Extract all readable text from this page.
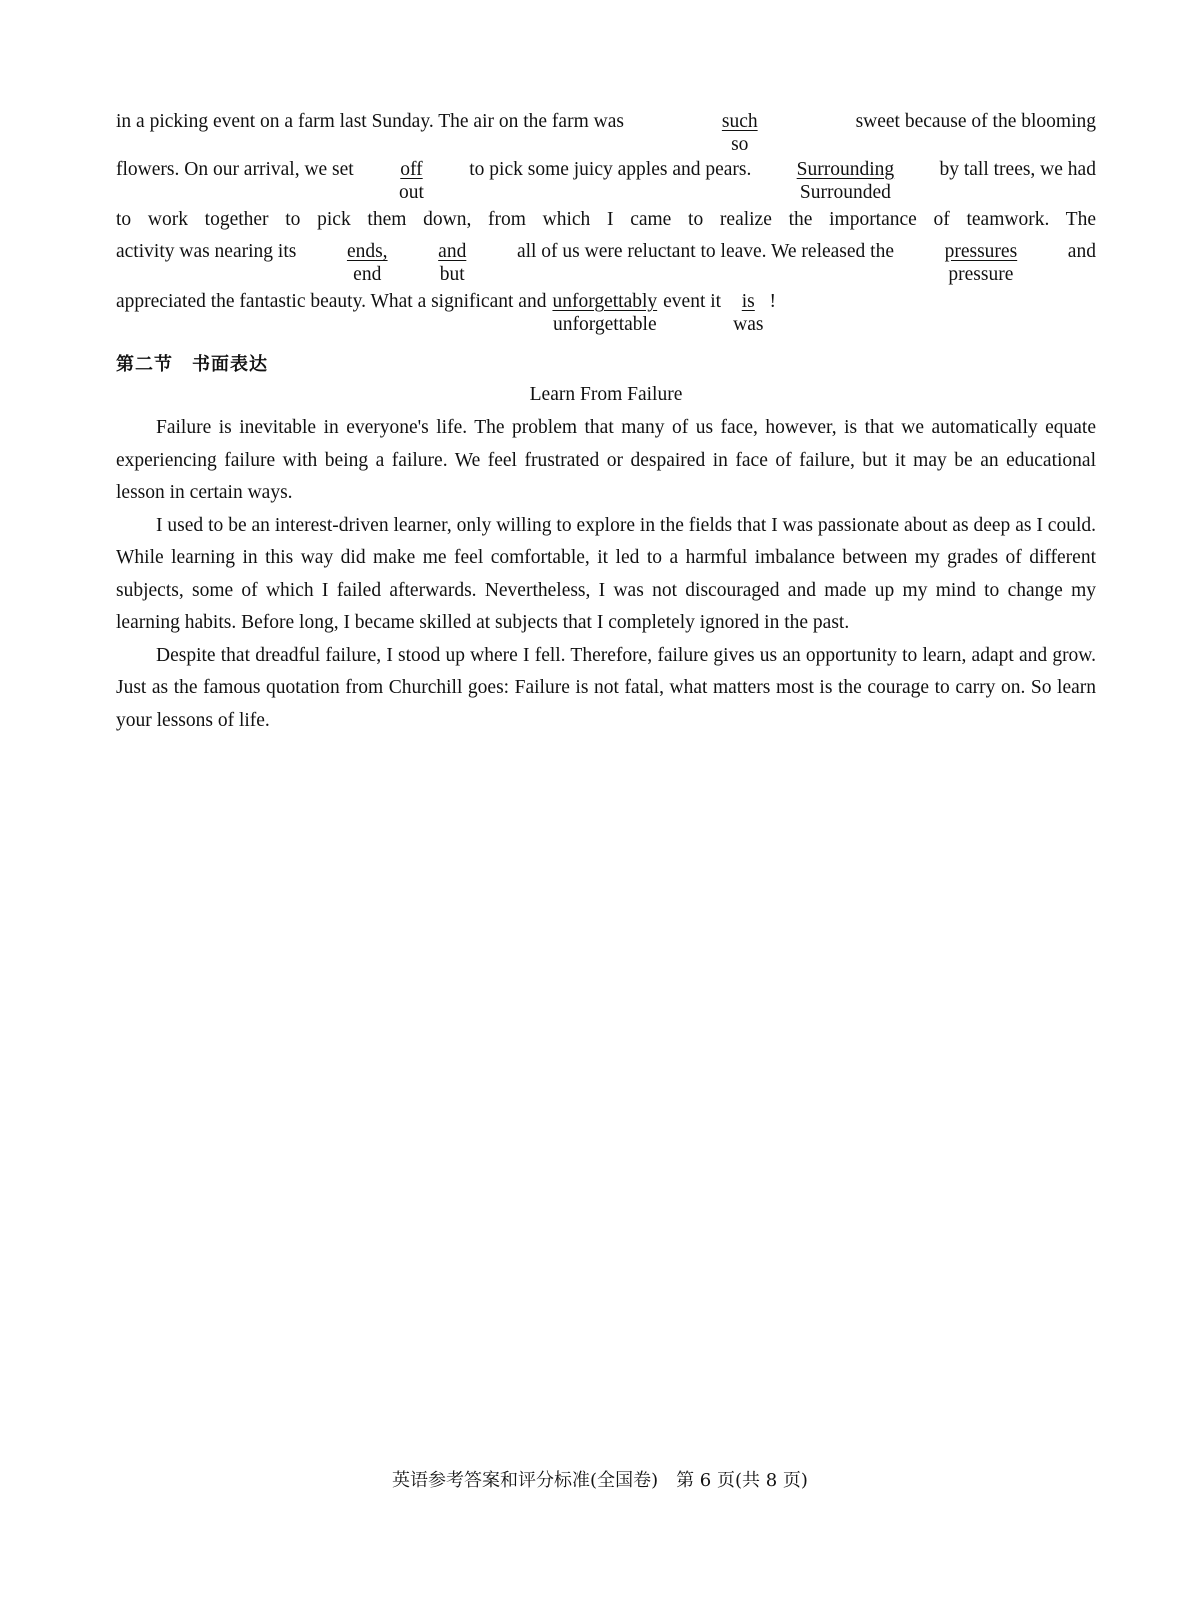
in a picking event on a farm last Sunday. The air on the farm was	such
so
sweet because of the blooming
flowers. On our arrival, we set off
out
to pick some juicy apples and pears. Surrounding
Surrounded
by tall trees, we had
to work together to pick them down, from which I came to realize the importance of teamwork. The
activity was nearing its	ends,
end
and
but
all of us were reluctant to leave. We released the	pressures
pressure
and
appreciated the fantastic beauty. What a significant and unforgettably
unforgettable
event it is
was
!
第二节　书面表达
Learn From Failure

Failure is inevitable in everyone's life. The problem that many of us face, however, is that we automatically equate experiencing failure with being a failure. We feel frustrated or despaired in face of failure, but it may be an educational lesson in certain ways.

I used to be an interest-driven learner, only willing to explore in the fields that I was passionate about as deep as I could. While learning in this way did make me feel comfortable, it led to a harmful imbalance between my grades of different subjects, some of which I failed afterwards. Nevertheless, I was not discouraged and made up my mind to change my learning habits. Before long, I became skilled at subjects that I completely ignored in the past.

Despite that dreadful failure, I stood up where I fell. Therefore, failure gives us an opportunity to learn, adapt and grow. Just as the famous quotation from Churchill goes: Failure is not fatal, what matters most is the courage to carry on. So learn your lessons of life.

英语参考答案和评分标准(全国卷)　第 6 页(共 8 页)
